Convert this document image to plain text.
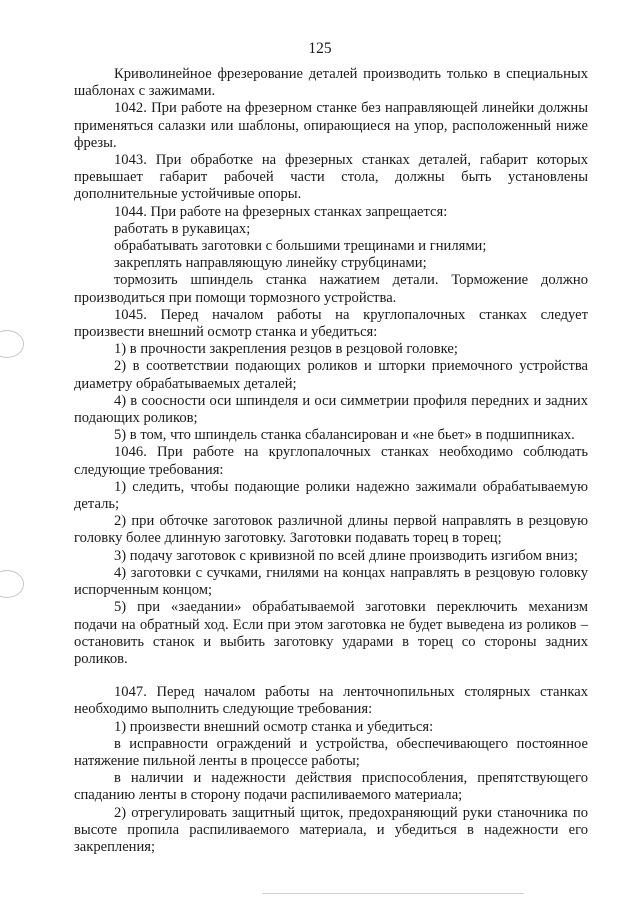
125

Криволинейное фрезерование деталей производить только в специальных шаблонах с зажимами.

1042. При работе на фрезерном станке без направляющей линейки должны применяться салазки или шаблоны, опирающиеся на упор, расположенный ниже фрезы.

1043. При обработке на фрезерных станках деталей, габарит которых превышает габарит рабочей части стола, должны быть установлены дополнительные устойчивые опоры.

1044. При работе на фрезерных станках запрещается:

работать в рукавицах;

обрабатывать заготовки с большими трещинами и гнилями;

закреплять направляющую линейку струбцинами;

тормозить шпиндель станка нажатием детали. Торможение должно производиться при помощи тормозного устройства.

1045. Перед началом работы на круглопалочных станках следует произвести внешний осмотр станка и убедиться:

1) в прочности закрепления резцов в резцовой головке;

2) в соответствии подающих роликов и шторки приемочного устройства диаметру обрабатываемых деталей;

4) в соосности оси шпинделя и оси симметрии профиля передних и задних подающих роликов;

5) в том, что шпиндель станка сбалансирован и «не бьет» в подшипниках.

1046. При работе на круглопалочных станках необходимо соблюдать следующие требования:

1) следить, чтобы подающие ролики надежно зажимали обрабатываемую деталь;

2) при обточке заготовок различной длины первой направлять в резцовую головку более длинную заготовку. Заготовки подавать торец в торец;

3) подачу заготовок с кривизной по всей длине производить изгибом вниз;

4) заготовки с сучками, гнилями на концах направлять в резцовую головку испорченным концом;

5) при «заедании» обрабатываемой заготовки переключить механизм подачи на обратный ход. Если при этом заготовка не будет выведена из роликов – остановить станок и выбить заготовку ударами в торец со стороны задних роликов.

1047. Перед началом работы на ленточнопильных столярных станках необходимо выполнить следующие требования:

1) произвести внешний осмотр станка и убедиться:

в исправности ограждений и устройства, обеспечивающего постоянное натяжение пильной ленты в процессе работы;

в наличии и надежности действия приспособления, препятствующего спаданию ленты в сторону подачи распиливаемого материала;

2) отрегулировать защитный щиток, предохраняющий руки станочника по высоте пропила распиливаемого материала, и убедиться в надежности его закрепления;
